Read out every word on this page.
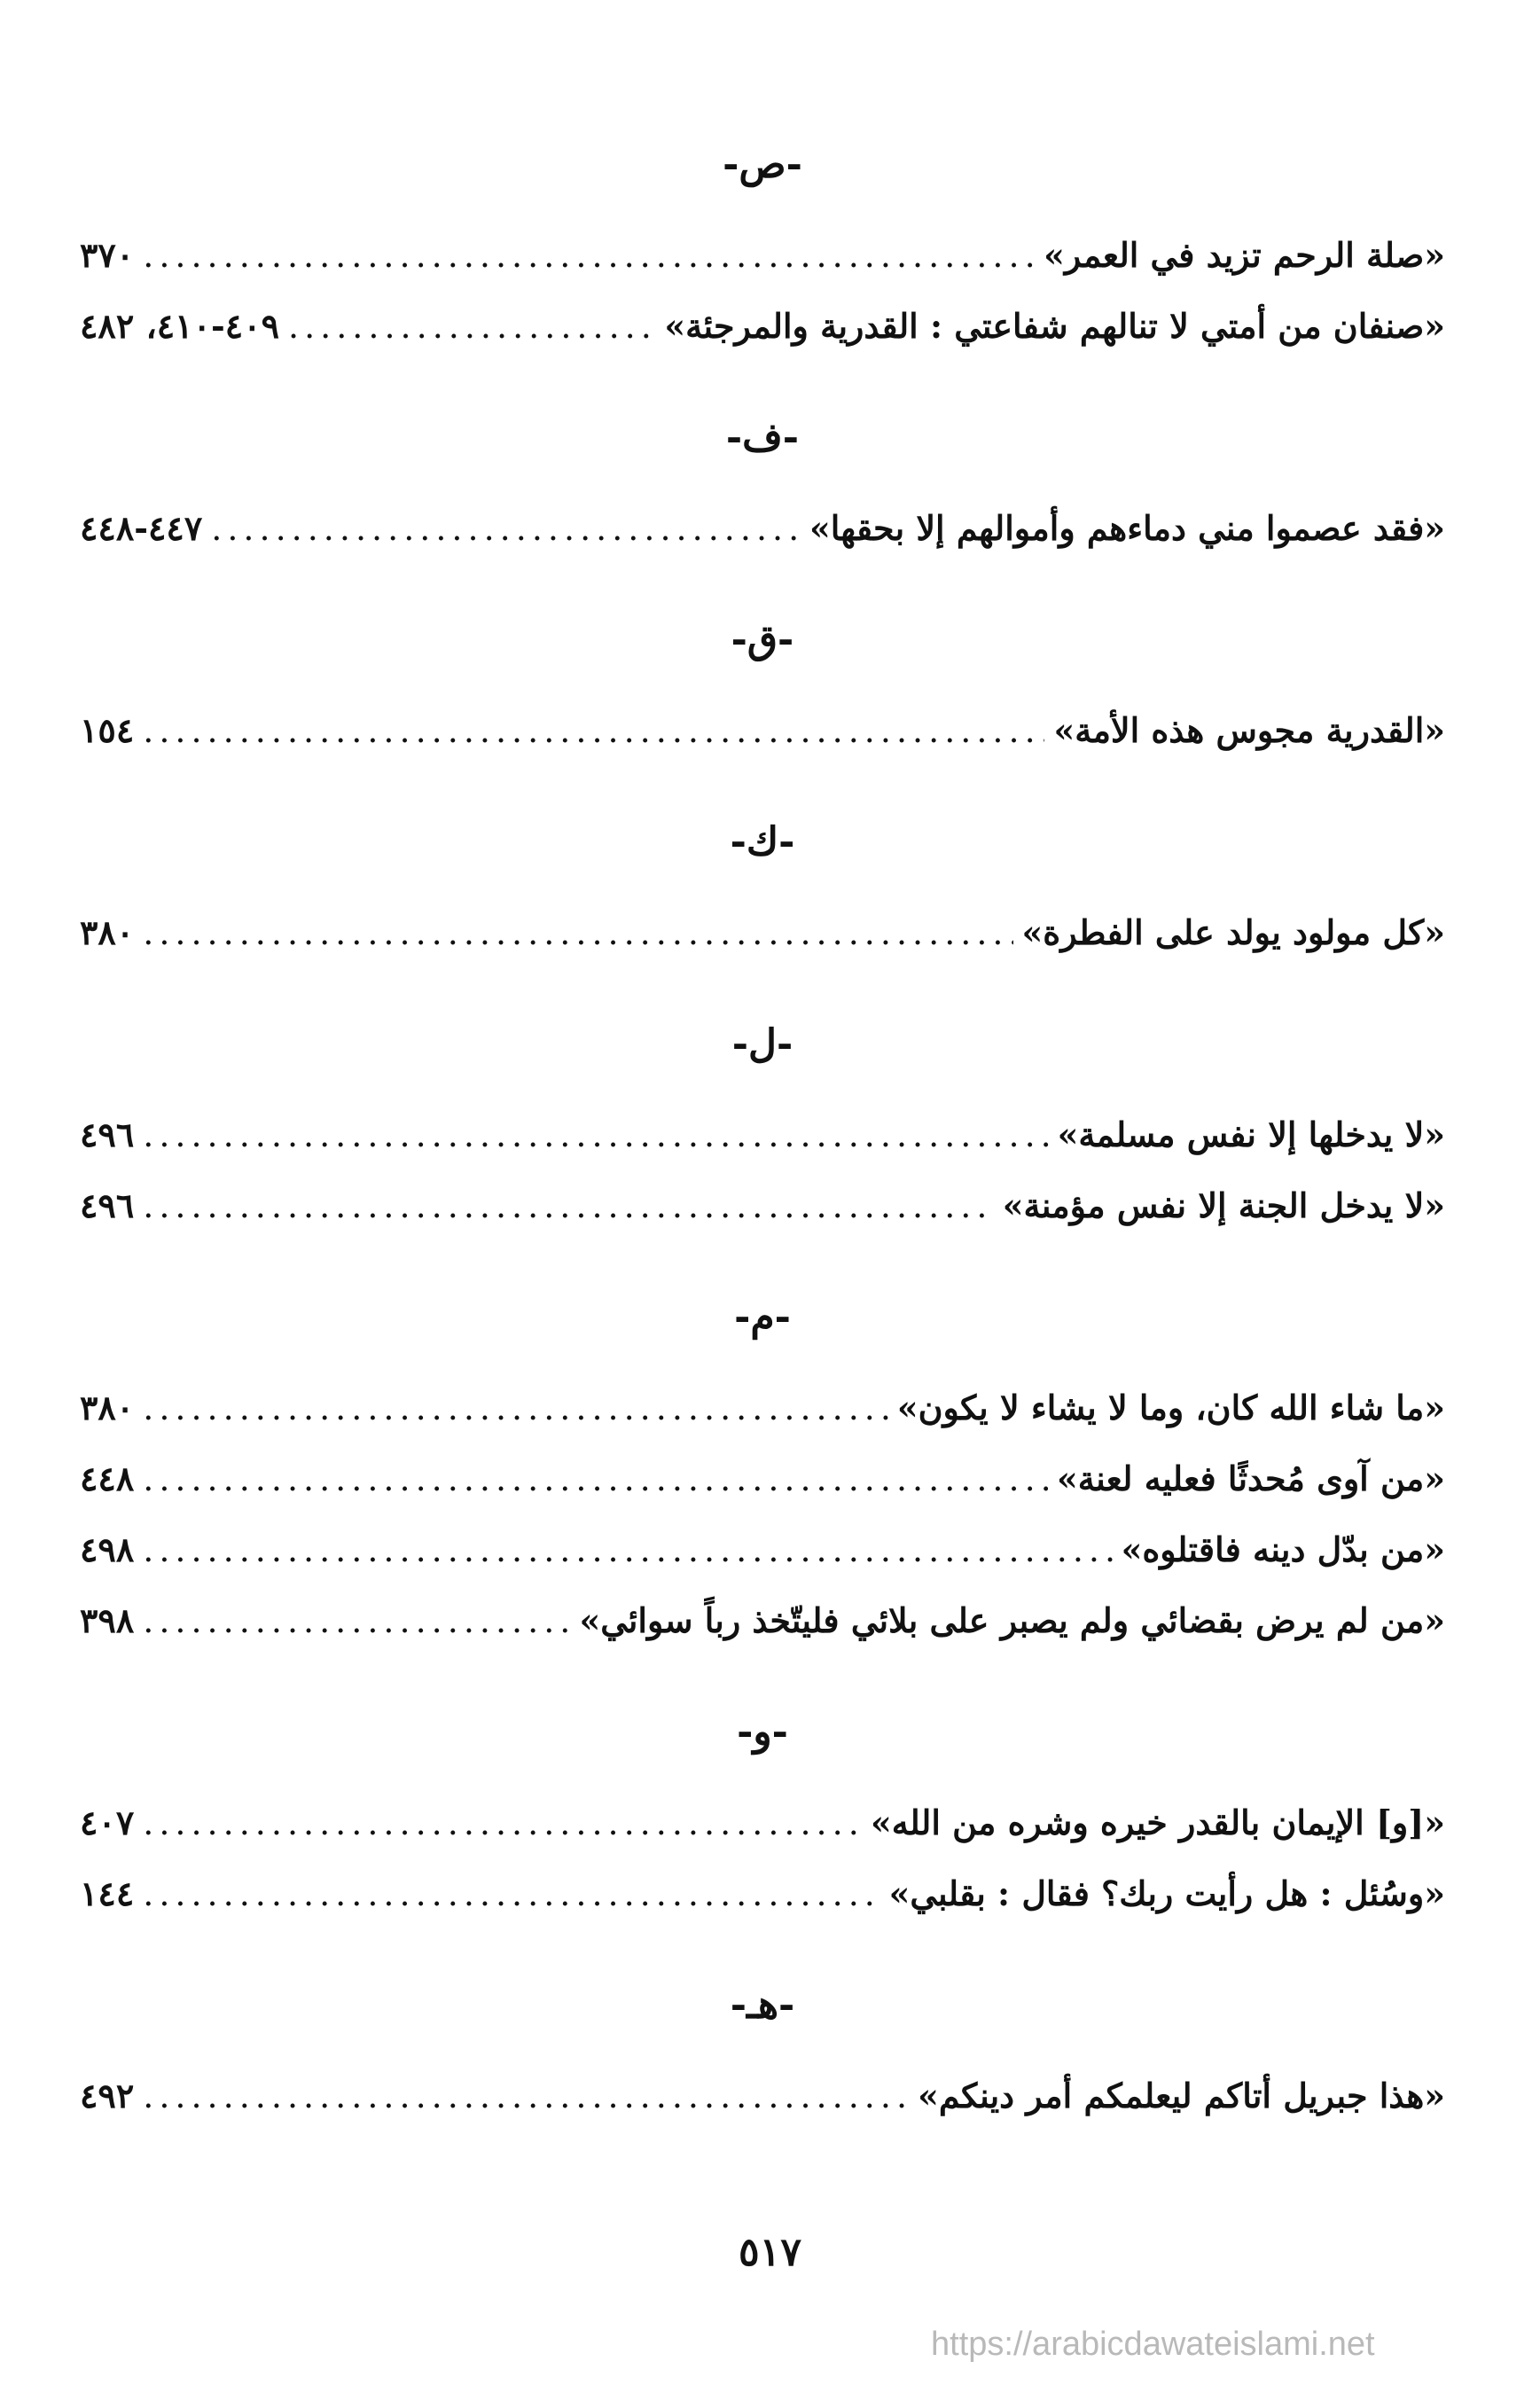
-ص-
«صلة الرحم تزيد في العمر»
.....
٣٧٠
«صنفان من أمتي لا تنالهم شفاعتي : القدرية والمرجئة»
.....
٤٠٩-٤١٠، ٤٨٢
-ف-
«فقد عصموا مني دماءهم وأموالهم إلا بحقها»
.....
٤٤٧-٤٤٨
-ق-
«القدرية مجوس هذه الأمة»
.....
١٥٤
-ك-
«كل مولود يولد على الفطرة»
.....
٣٨٠
-ل-
«لا يدخلها إلا نفس مسلمة»
.....
٤٩٦
«لا يدخل الجنة إلا نفس مؤمنة»
.....
٤٩٦
-م-
«ما شاء الله كان، وما لا يشاء لا يكون»
.....
٣٨٠
«من آوى مُحدثًا فعليه لعنة»
.....
٤٤٨
«من بدّل دينه فاقتلوه»
.....
٤٩٨
«من لم يرض بقضائي ولم يصبر على بلائي فليتّخذ رباً سوائي»
.....
٣٩٨
-و-
«[و] الإيمان بالقدر خيره وشره من الله»
.....
٤٠٧
«وسُئل : هل رأيت ربك؟ فقال : بقلبي»
.....
١٤٤
-هـ-
«هذا جبريل أتاكم ليعلمكم أمر دينكم»
.....
٤٩٢
٥١٧
https://arabicdawateislami.net
